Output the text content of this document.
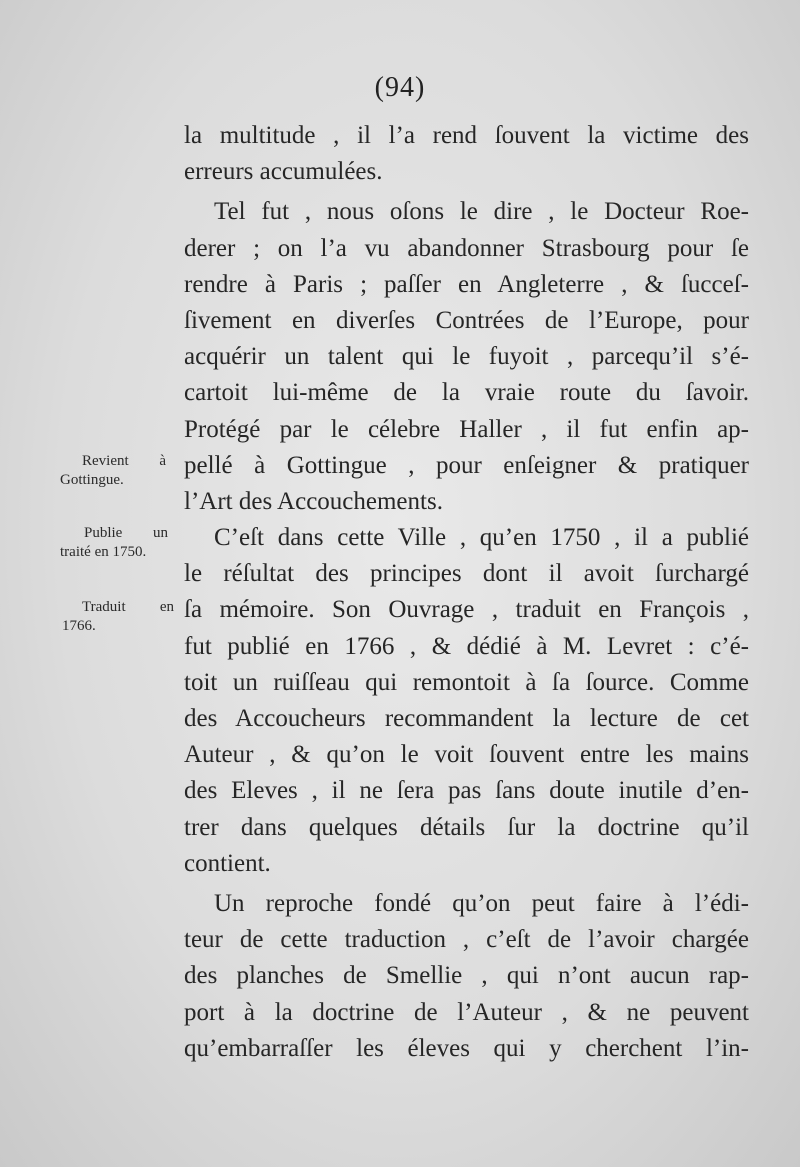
(94)
la multitude , il l’a rend ſouvent la victime des
erreurs accumulées.
Tel fut , nous oſons le dire , le Docteur Roe-
derer ; on l’a vu abandonner Strasbourg pour ſe
rendre à Paris ; paſſer en Angleterre , & ſucceſ-
ſivement en diverſes Contrées de l’Europe, pour
acquérir un talent qui le fuyoit , parcequ’il s’é-
cartoit lui-même de la vraie route du ſavoir.
Protégé par le célebre Haller , il fut enfin ap-
pellé à Gottingue , pour enſeigner & pratiquer
l’Art des Accouchements.
C’eſt dans cette Ville , qu’en 1750 , il a publié
le réſultat des principes dont il avoit ſurchargé
ſa mémoire. Son Ouvrage , traduit en François ,
fut publié en 1766 , & dédié à M. Levret : c’é-
toit un ruiſſeau qui remontoit à ſa ſource. Comme
des Accoucheurs recommandent la lecture de cet
Auteur , & qu’on le voit ſouvent entre les mains
des Eleves , il ne ſera pas ſans doute inutile d’en-
trer dans quelques détails ſur la doctrine qu’il
contient.
Un reproche fondé qu’on peut faire à l’édi-
teur de cette traduction , c’eſt de l’avoir chargée
des planches de Smellie , qui n’ont aucun rap-
port à la doctrine de l’Auteur , & ne peuvent
qu’embarraſſer les éleves qui y cherchent l’in-
Revient à
Gottingue.
Publie un
traité en 1750.
Traduit en
1766.
